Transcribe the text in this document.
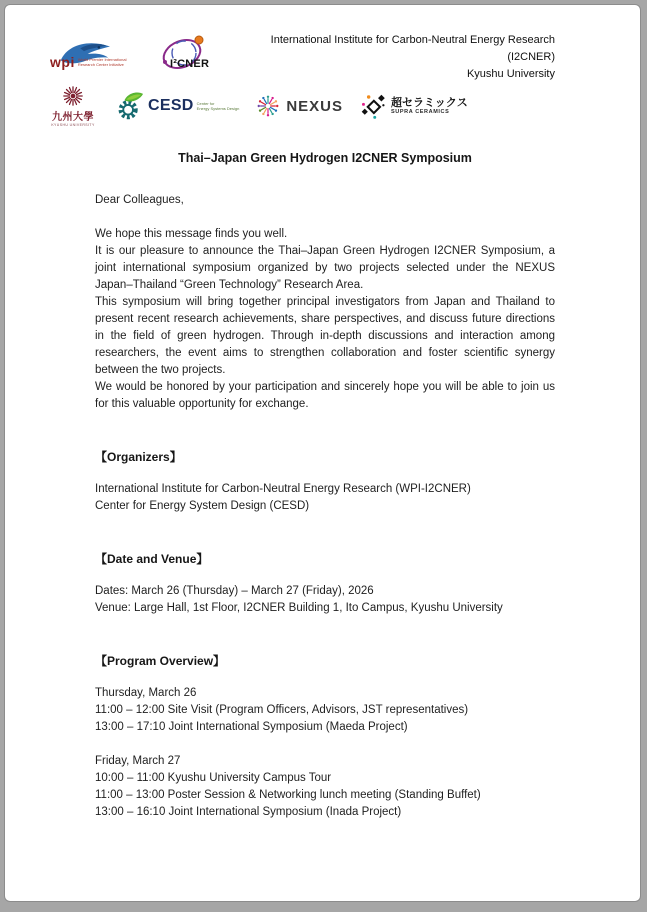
wpi World Premier International
Research Center Initiative	I²CNER
International Institute for Carbon-Neutral Energy Research (I2CNER)
Kyushu University
九州大學
KYUSHU UNIVERSITY
CESD Center for
Energy Systems Design	NEXUS	超セラミックス
SUPRA CERAMICS
Thai–Japan Green Hydrogen I2CNER Symposium

Dear Colleagues,

We hope this message finds you well.

It is our pleasure to announce the Thai–Japan Green Hydrogen I2CNER Symposium, a joint international symposium organized by two projects selected under the NEXUS Japan–Thailand “Green Technology” Research Area.

This symposium will bring together principal investigators from Japan and Thailand to present recent research achievements, share perspectives, and discuss future directions in the field of green hydrogen. Through in-depth discussions and interaction among researchers, the event aims to strengthen collaboration and foster scientific synergy between the two projects.

We would be honored by your participation and sincerely hope you will be able to join us for this valuable opportunity for exchange.

【Organizers】
International Institute for Carbon-Neutral Energy Research (WPI-I2CNER)
Center for Energy System Design (CESD)
【Date and Venue】
Dates: March 26 (Thursday) – March 27 (Friday), 2026
Venue: Large Hall, 1st Floor, I2CNER Building 1, Ito Campus, Kyushu University
【Program Overview】
Thursday, March 26
11:00 – 12:00 Site Visit (Program Officers, Advisors, JST representatives)
13:00 – 17:10 Joint International Symposium (Maeda Project)
Friday, March 27
10:00 – 11:00 Kyushu University Campus Tour
11:00 – 13:00 Poster Session & Networking lunch meeting (Standing Buffet)
13:00 – 16:10 Joint International Symposium (Inada Project)
